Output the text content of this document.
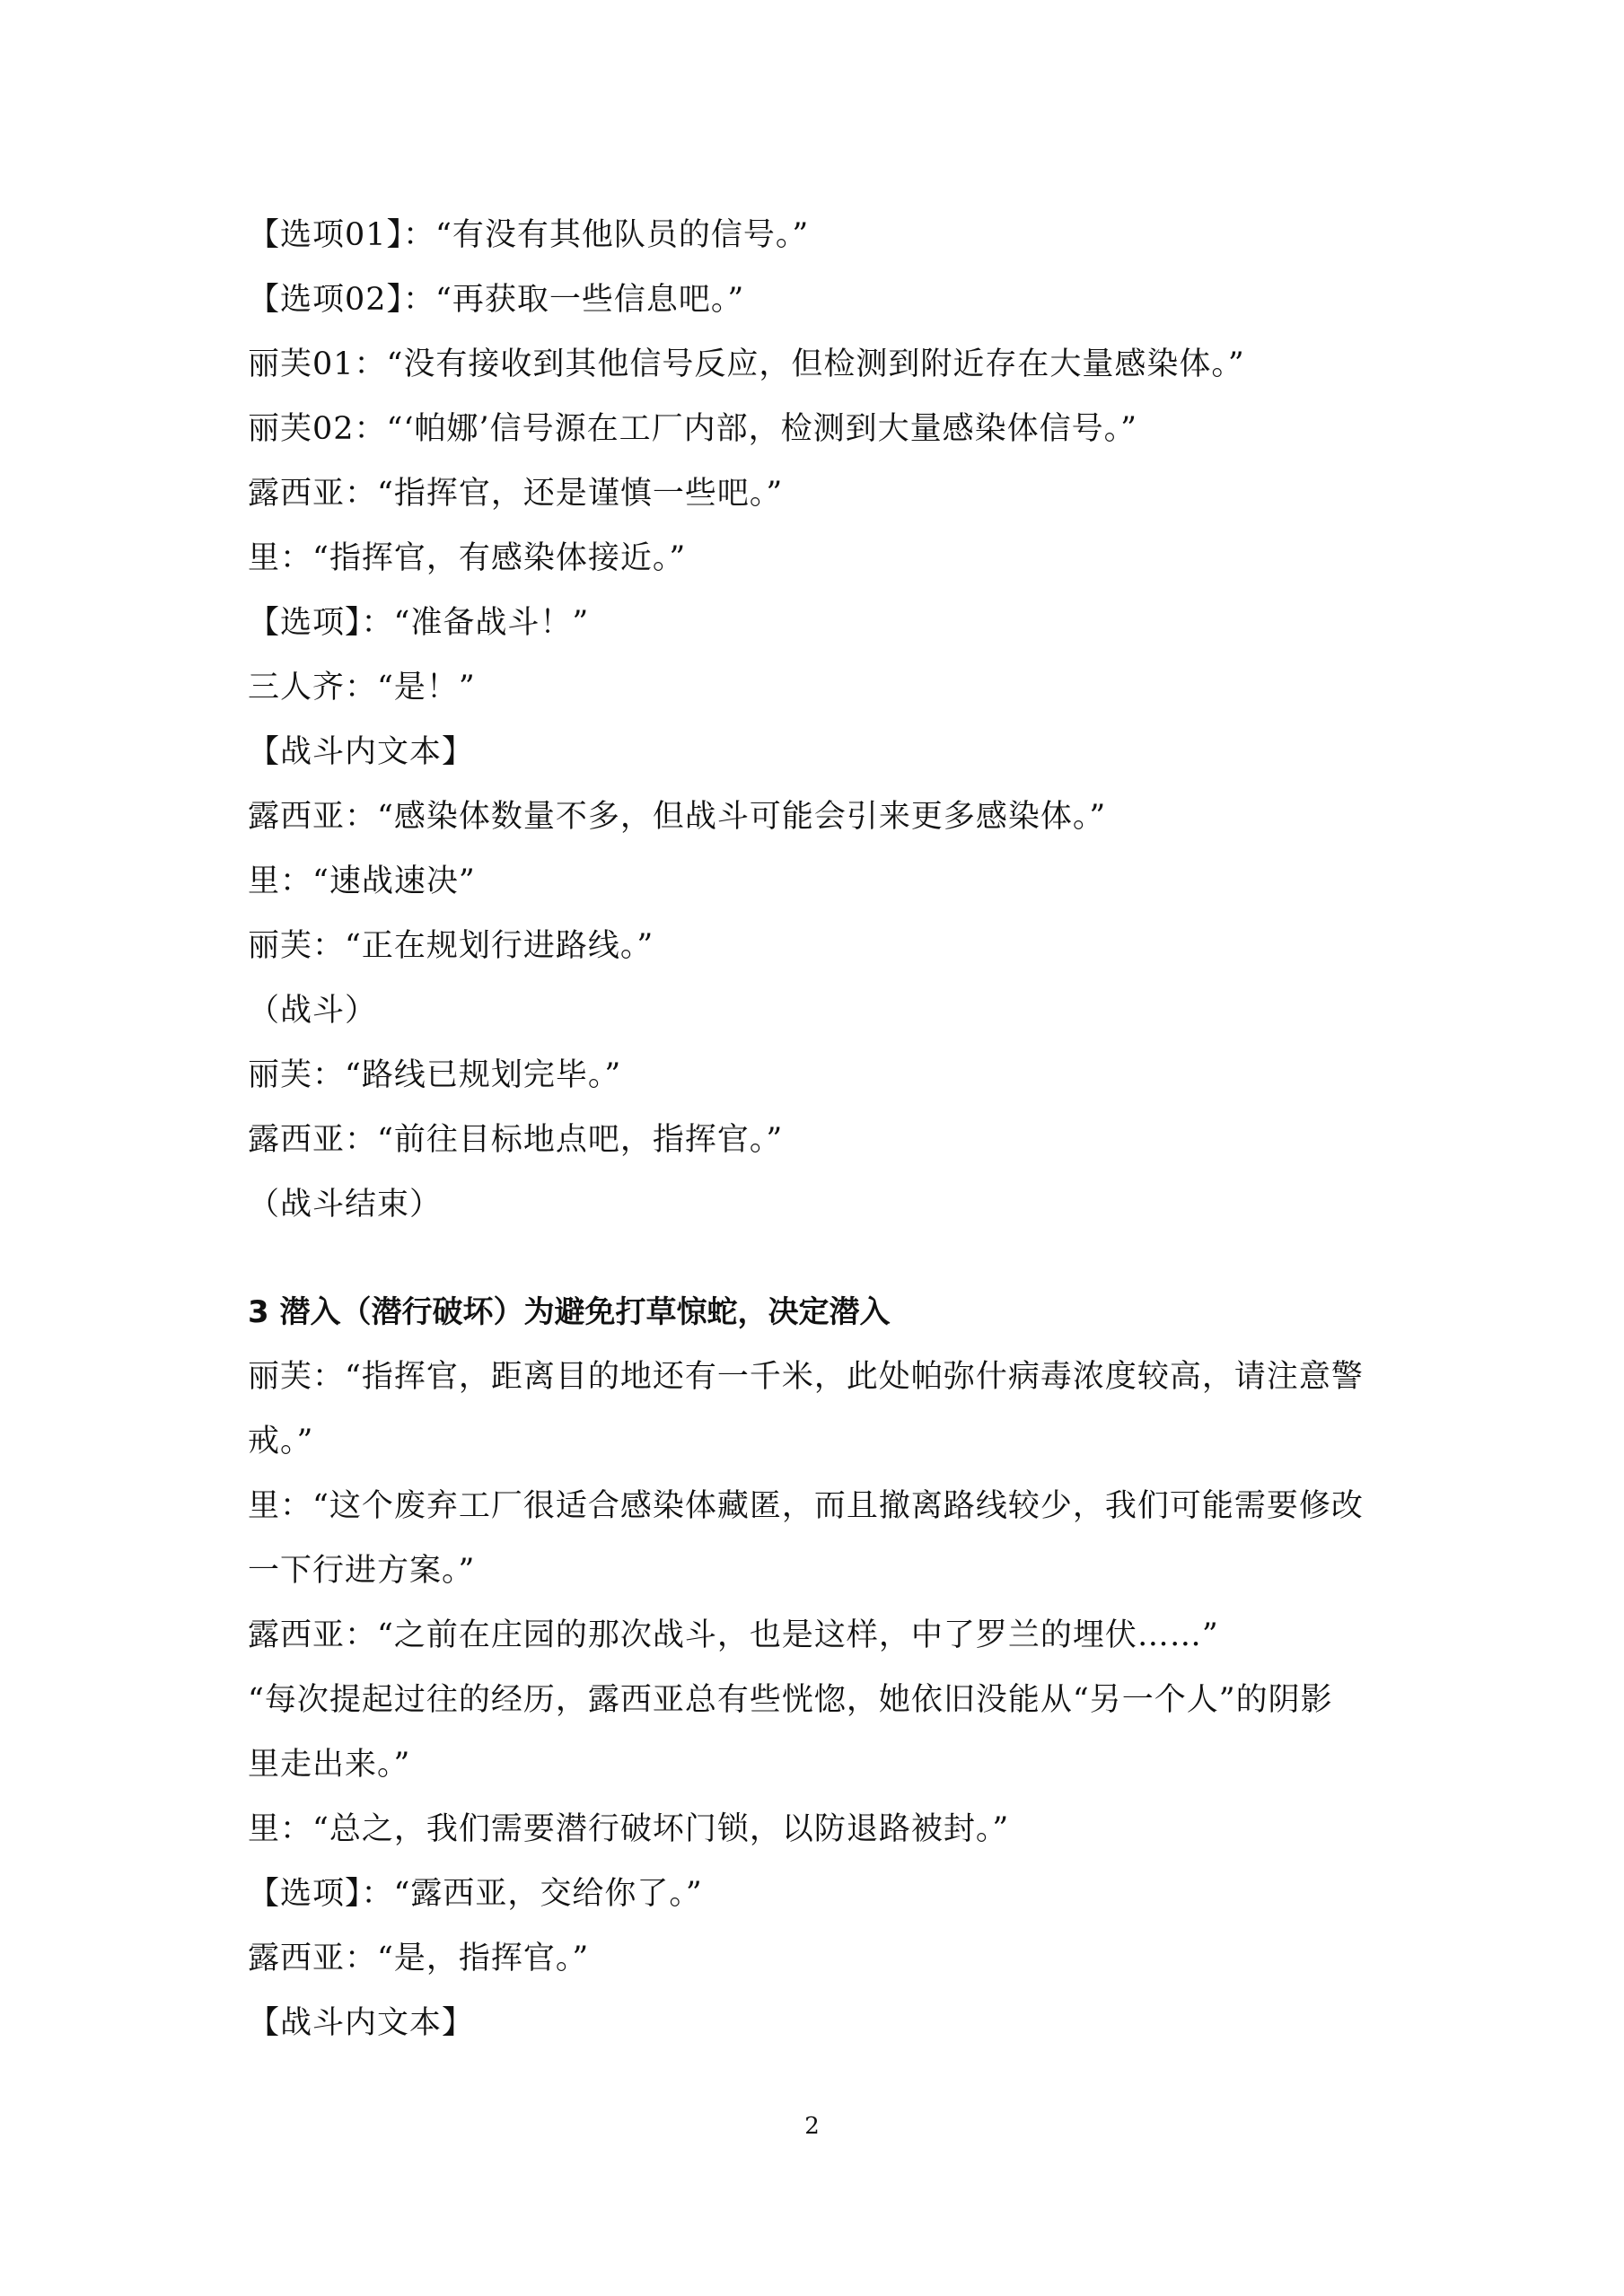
【选项01】：“有没有其他队员的信号。”
【选项02】：“再获取一些信息吧。”
丽芙01：“没有接收到其他信号反应，但检测到附近存在大量感染体。”
丽芙02：“‘帕娜’信号源在工厂内部，检测到大量感染体信号。”
露西亚：“指挥官，还是谨慎一些吧。”
里：“指挥官，有感染体接近。”
【选项】：“准备战斗！”
三人齐：“是！”
【战斗内文本】
露西亚：“感染体数量不多，但战斗可能会引来更多感染体。”
里：“速战速决”
丽芙：“正在规划行进路线。”
（战斗）
丽芙：“路线已规划完毕。”
露西亚：“前往目标地点吧，指挥官。”
（战斗结束）
3 潜入（潜行破坏）为避免打草惊蛇，决定潜入
丽芙：“指挥官，距离目的地还有一千米，此处帕弥什病毒浓度较高，请注意警
戒。”
里：“这个废弃工厂很适合感染体藏匿，而且撤离路线较少，我们可能需要修改
一下行进方案。”
露西亚：“之前在庄园的那次战斗，也是这样，中了罗兰的埋伏……”
“每次提起过往的经历，露西亚总有些恍惚，她依旧没能从“另一个人”的阴影
里走出来。”
里：“总之，我们需要潜行破坏门锁，以防退路被封。”
【选项】：“露西亚，交给你了。”
露西亚：“是，指挥官。”
【战斗内文本】
2
